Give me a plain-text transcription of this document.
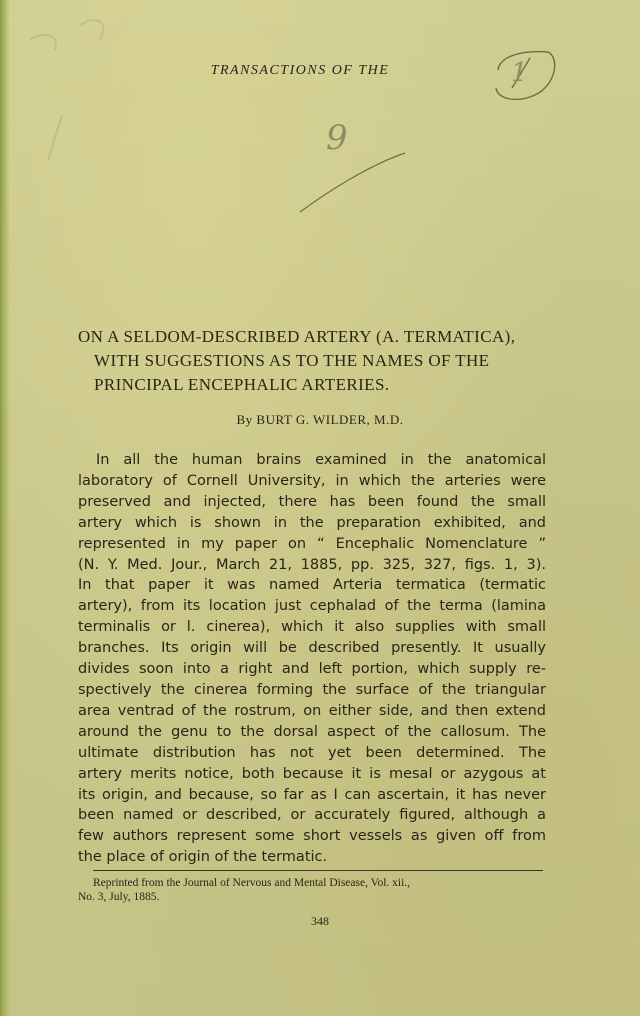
1
9
TRANSACTIONS OF THE
ON A SELDOM-DESCRIBED ARTERY (A. TERMATICA),
WITH SUGGESTIONS AS TO THE NAMES OF THE
PRINCIPAL ENCEPHALIC ARTERIES.
By BURT G. WILDER, M.D.
In all the human brains examined in the anatomical
laboratory of Cornell University, in which the arteries were
preserved and injected, there has been found the small
artery which is shown in the preparation exhibited, and
represented in my paper on “ Encephalic Nomenclature ”
(N. Y. Med. Jour., March 21, 1885, pp. 325, 327, figs. 1, 3).
In that paper it was named Arteria termatica (termatic
artery), from its location just cephalad of the terma (lamina
terminalis or l. cinerea), which it also supplies with small
branches. Its origin will be described presently. It usually
divides soon into a right and left portion, which supply re-
spectively the cinerea forming the surface of the triangular
area ventrad of the rostrum, on either side, and then extend
around the genu to the dorsal aspect of the callosum. The
ultimate distribution has not yet been determined. The
artery merits notice, both because it is mesal or azygous at
its origin, and because, so far as I can ascertain, it has never
been named or described, or accurately figured, although a
few authors represent some short vessels as given off from
the place of origin of the termatic.
Reprinted from the Journal of Nervous and Mental Disease, Vol. xii.,
No. 3, July, 1885.
348
